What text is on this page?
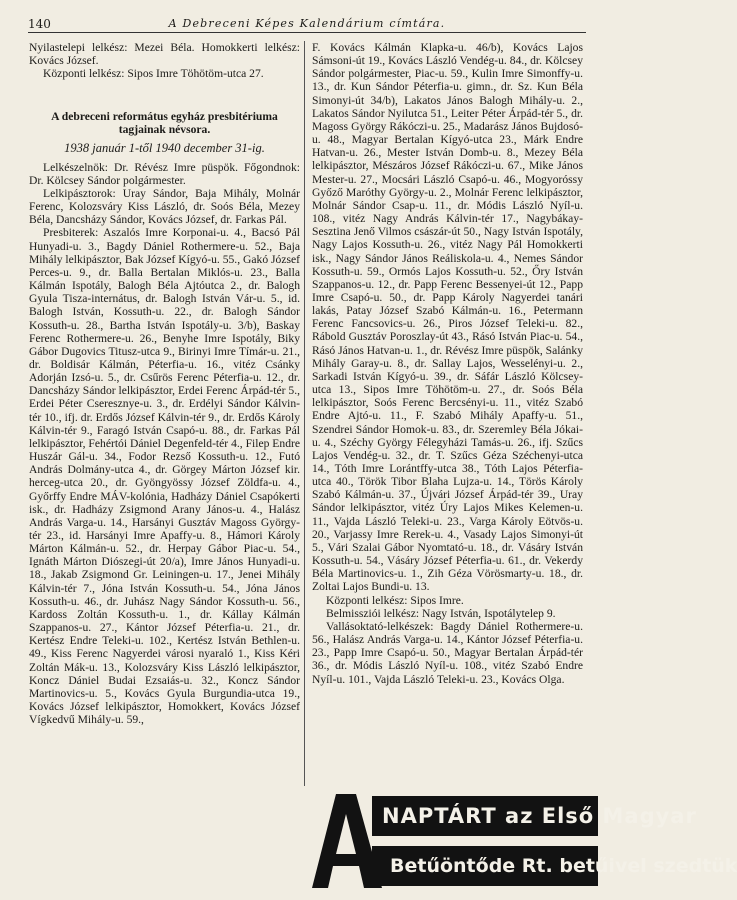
140	A Debreceni Képes Kalendárium címtára.

Nyilastelepi lelkész: Mezei Béla. Homokkerti lelkész: Kovács József.

Központi lelkész: Sipos Imre Töhötöm-utca 27.

A debreceni református egyház presbitériuma

tagjainak névsora.

1938 január 1-től 1940 december 31-ig.

Lelkészelnök: Dr. Révész Imre püspök. Főgondnok: Dr. Kölcsey Sándor polgármester.

Lelkipásztorok: Uray Sándor, Baja Mihály, Molnár Ferenc, Kolozsváry Kiss László, dr. Soós Béla, Mezey Béla, Dancsházy Sándor, Kovács József, dr. Farkas Pál.

Presbiterek: Aszalós Imre Korponai-u. 4., Bacsó Pál Hunyadi-u. 3., Bagdy Dániel Rothermere-u. 52., Baja Mihály lelkipásztor, Bak József Kígyó-u. 55., Gakó József Perces-u. 9., dr. Balla Bertalan Miklós-u. 23., Balla Kálmán Ispotály, Balogh Béla Ajtóutca 2., dr. Balogh Gyula Tisza-internátus, dr. Balogh István Vár-u. 5., id. Balogh István, Kossuth-u. 22., dr. Balogh Sándor Kossuth-u. 28., Bartha István Ispotály-u. 3/b), Baskay Ferenc Rothermere-u. 26., Benyhe Imre Ispotály, Biky Gábor Dugovics Titusz-utca 9., Birinyi Imre Tímár-u. 21., dr. Boldisár Kálmán, Péterfia-u. 16., vitéz Csánky Adorján Izsó-u. 5., dr. Csűrös Ferenc Péterfia-u. 12., dr. Dancsházy Sándor lelkipásztor, Erdei Ferenc Árpád-tér 5., Erdei Péter Cseresznye-u. 3., dr. Erdélyi Sándor Kálvin-tér 10., ifj. dr. Erdős József Kálvin-tér 9., dr. Erdős Károly Kálvin-tér 9., Faragó István Csapó-u. 88., dr. Farkas Pál lelkipásztor, Fehértói Dániel Degenfeld-tér 4., Filep Endre Huszár Gál-u. 34., Fodor Rezső Kossuth-u. 12., Futó András Dolmány-utca 4., dr. Görgey Márton József kir. herceg-utca 20., dr. Gyöngyössy József Zöldfa-u. 4., Győrffy Endre MÁV-kolónia, Hadházy Dániel Csapókerti isk., dr. Hadházy Zsigmond Arany János-u. 4., Halász András Varga-u. 14., Harsányi Gusztáv Magoss György-tér 23., id. Harsányi Imre Apaffy-u. 8., Hámori Károly Márton Kálmán-u. 52., dr. Herpay Gábor Piac-u. 54., Ignáth Márton Diószegi-út 20/a), Imre János Hunyadi-u. 18., Jakab Zsigmond Gr. Leiningen-u. 17., Jenei Mihály Kálvin-tér 7., Jóna István Kossuth-u. 54., Jóna János Kossuth-u. 46., dr. Juhász Nagy Sándor Kossuth-u. 56., Kardoss Zoltán Kossuth-u. 1., dr. Kállay Kálmán Szappanos-u. 27., Kántor József Péterfia-u. 21., dr. Kertész Endre Teleki-u. 102., Kertész István Bethlen-u. 49., Kiss Ferenc Nagyerdei városi nyaraló 1., Kiss Kéri Zoltán Mák-u. 13., Kolozsváry Kiss László lelkipásztor, Koncz Dániel Budai Ezsaiás-u. 32., Koncz Sándor Martinovics-u. 5., Kovács Gyula Burgundia-utca 19., Kovács József lelkipásztor, Homokkert, Kovács József Vígkedvű Mihály-u. 59.,

F. Kovács Kálmán Klapka-u. 46/b), Kovács Lajos Sámsoni-út 19., Kovács László Vendég-u. 84., dr. Kölcsey Sándor polgármester, Piac-u. 59., Kulin Imre Simonffy-u. 13., dr. Kun Sándor Péterfia-u. gimn., dr. Sz. Kun Béla Simonyi-út 34/b), Lakatos János Balogh Mihály-u. 2., Lakatos Sándor Nyilutca 51., Leiter Péter Árpád-tér 5., dr. Magoss György Rákóczi-u. 25., Madarász János Bujdosó-u. 48., Magyar Bertalan Kígyó-utca 23., Márk Endre Hatvan-u. 26., Mester István Domb-u. 8., Mezey Béla lelkipásztor, Mészáros József Rákóczi-u. 67., Mike János Mester-u. 27., Mocsári László Csapó-u. 46., Mogyoróssy Győző Maróthy György-u. 2., Molnár Ferenc lelkipásztor, Molnár Sándor Csap-u. 11., dr. Módis László Nyíl-u. 108., vitéz Nagy András Kálvin-tér 17., Nagybákay-Sesztina Jenő Vilmos császár-út 50., Nagy István Ispotály, Nagy Lajos Kossuth-u. 26., vitéz Nagy Pál Homokkerti isk., Nagy Sándor János Reáliskola-u. 4., Nemes Sándor Kossuth-u. 59., Ormós Lajos Kossuth-u. 52., Őry István Szappanos-u. 12., dr. Papp Ferenc Bessenyei-út 12., Papp Imre Csapó-u. 50., dr. Papp Károly Nagyerdei tanári lakás, Patay József Szabó Kálmán-u. 16., Petermann Ferenc Fancsovics-u. 26., Piros József Teleki-u. 82., Rábold Gusztáv Poroszlay-út 43., Rásó István Piac-u. 54., Rásó János Hatvan-u. 1., dr. Révész Imre püspök, Salánky Mihály Garay-u. 8., dr. Sallay Lajos, Wesselényi-u. 2., Sarkadi István Kígyó-u. 39., dr. Sáfár László Kölcsey-utca 13., Sipos Imre Töhötöm-u. 27., dr. Soós Béla lelkipásztor, Soós Ferenc Bercsényi-u. 11., vitéz Szabó Endre Ajtó-u. 11., F. Szabó Mihály Apaffy-u. 51., Szendrei Sándor Homok-u. 83., dr. Szeremley Béla Jókai-u. 4., Széchy György Félegyházi Tamás-u. 26., ifj. Szűcs Lajos Vendég-u. 32., dr. T. Szűcs Géza Széchenyi-utca 14., Tóth Imre Lorántffy-utca 38., Tóth Lajos Péterfia-utca 40., Török Tibor Blaha Lujza-u. 14., Törös Károly Szabó Kálmán-u. 37., Újvári József Árpád-tér 39., Uray Sándor lelkipásztor, vitéz Úry Lajos Mikes Kelemen-u. 11., Vajda László Teleki-u. 23., Varga Károly Eötvös-u. 20., Varjassy Imre Rerek-u. 4., Vasady Lajos Simonyi-út 5., Vári Szalai Gábor Nyomtató-u. 18., dr. Vásáry István Kossuth-u. 54., Vásáry József Péterfia-u. 61., dr. Vekerdy Béla Martinovics-u. 1., Zih Géza Vörösmarty-u. 18., dr. Zoltai Lajos Bundi-u. 13.

Központi lelkész: Sipos Imre.

Belmissziói lelkész: Nagy István, Ispotálytelep 9.

Vallásoktató-lelkészek: Bagdy Dániel Rothermere-u. 56., Halász András Varga-u. 14., Kántor József Péterfia-u. 23., Papp Imre Csapó-u. 50., Magyar Bertalan Árpád-tér 36., dr. Módis László Nyíl-u. 108., vitéz Szabó Endre Nyíl-u. 101., Vajda László Teleki-u. 23., Kovács Olga.

NAPTÁRT az Első Magyar
Betűöntőde Rt. betűivel szedtük
